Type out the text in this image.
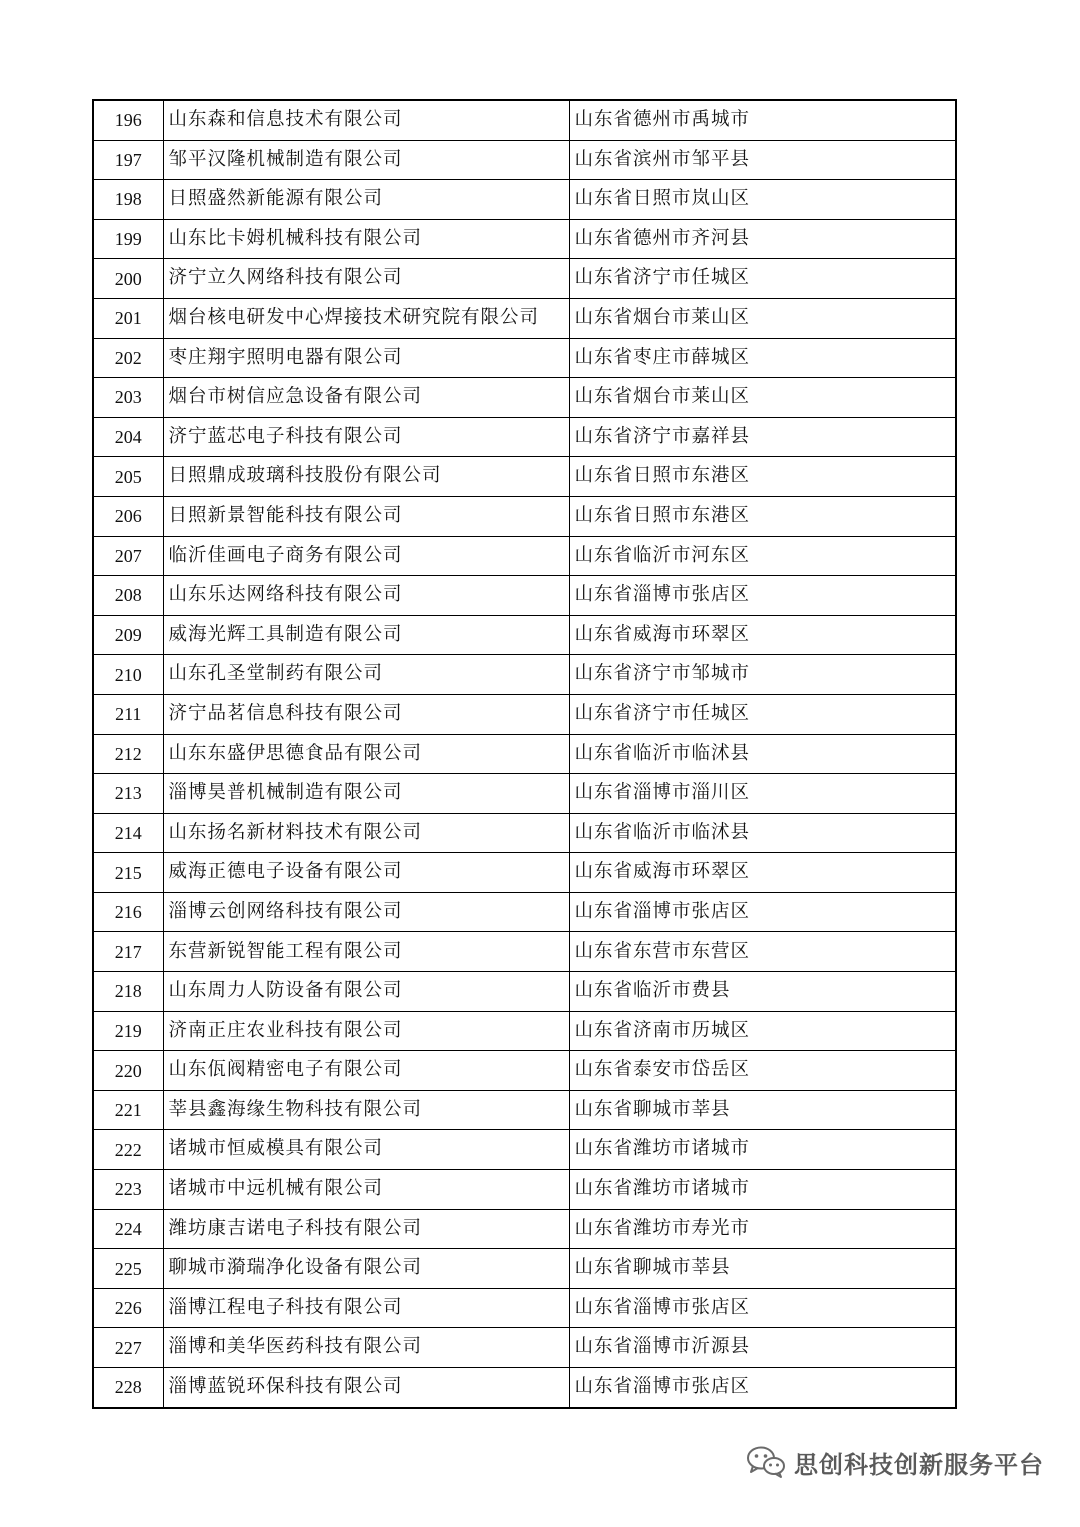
196	山东森和信息技术有限公司	山东省德州市禹城市
197	邹平汉隆机械制造有限公司	山东省滨州市邹平县
198	日照盛然新能源有限公司	山东省日照市岚山区
199	山东比卡姆机械科技有限公司	山东省德州市齐河县
200	济宁立久网络科技有限公司	山东省济宁市任城区
201	烟台核电研发中心焊接技术研究院有限公司	山东省烟台市莱山区
202	枣庄翔宇照明电器有限公司	山东省枣庄市薛城区
203	烟台市树信应急设备有限公司	山东省烟台市莱山区
204	济宁蓝芯电子科技有限公司	山东省济宁市嘉祥县
205	日照鼎成玻璃科技股份有限公司	山东省日照市东港区
206	日照新景智能科技有限公司	山东省日照市东港区
207	临沂佳画电子商务有限公司	山东省临沂市河东区
208	山东乐达网络科技有限公司	山东省淄博市张店区
209	威海光辉工具制造有限公司	山东省威海市环翠区
210	山东孔圣堂制药有限公司	山东省济宁市邹城市
211	济宁品茗信息科技有限公司	山东省济宁市任城区
212	山东东盛伊思德食品有限公司	山东省临沂市临沭县
213	淄博昊普机械制造有限公司	山东省淄博市淄川区
214	山东扬名新材料技术有限公司	山东省临沂市临沭县
215	威海正德电子设备有限公司	山东省威海市环翠区
216	淄博云创网络科技有限公司	山东省淄博市张店区
217	东营新锐智能工程有限公司	山东省东营市东营区
218	山东周力人防设备有限公司	山东省临沂市费县
219	济南正庄农业科技有限公司	山东省济南市历城区
220	山东佤阀精密电子有限公司	山东省泰安市岱岳区
221	莘县鑫海缘生物科技有限公司	山东省聊城市莘县
222	诸城市恒威模具有限公司	山东省潍坊市诸城市
223	诸城市中远机械有限公司	山东省潍坊市诸城市
224	潍坊康吉诺电子科技有限公司	山东省潍坊市寿光市
225	聊城市漪瑞净化设备有限公司	山东省聊城市莘县
226	淄博江程电子科技有限公司	山东省淄博市张店区
227	淄博和美华医药科技有限公司	山东省淄博市沂源县
228	淄博蓝锐环保科技有限公司	山东省淄博市张店区
思创科技创新服务平台
